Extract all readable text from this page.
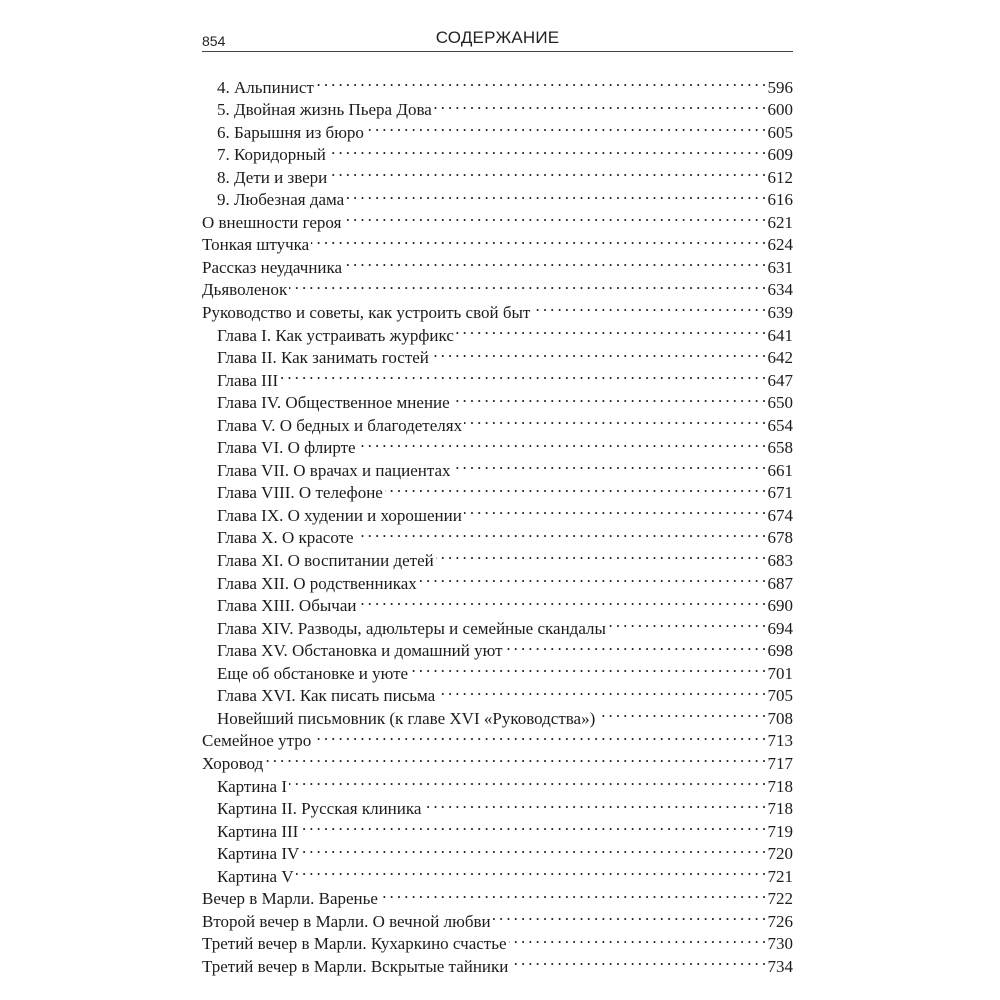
854	СОДЕРЖАНИЕ
4. Альпинист . . .	596
5. Двойная жизнь Пьера Дова . . .	600
6. Барышня из бюро . . .	605
7. Коридорный . . .	609
8. Дети и звери . . .	612
9. Любезная дама . . .	616
О внешности героя . . .	621
Тонкая штучка . . .	624
Рассказ неудачника . . .	631
Дьяволенок . . .	634
Руководство и советы, как устроить свой быт . . .	639
Глава I. Как устраивать журфикс . . .	641
Глава II. Как занимать гостей . . .	642
Глава III . . .	647
Глава IV. Общественное мнение . . .	650
Глава V. О бедных и благодетелях . . .	654
Глава VI. О флирте . . .	658
Глава VII. О врачах и пациентах . . .	661
Глава VIII. О телефоне . . .	671
Глава IX. О худении и хорошении . . .	674
Глава X. О красоте . . .	678
Глава XI. О воспитании детей . . .	683
Глава XII. О родственниках . . .	687
Глава XIII. Обычаи . . .	690
Глава XIV. Разводы, адюльтеры и семейные скандалы . . .	694
Глава XV. Обстановка и домашний уют . . .	698
Еще об обстановке и уюте . . .	701
Глава XVI. Как писать письма . . .	705
Новейший письмовник (к главе XVI «Руководства») . . .	708
Семейное утро . . .	713
Хоровод . . .	717
Картина I . . .	718
Картина II. Русская клиника . . .	718
Картина III . . .	719
Картина IV . . .	720
Картина V . . .	721
Вечер в Марли. Варенье . . .	722
Второй вечер в Марли. О вечной любви . . .	726
Третий вечер в Марли. Кухаркино счастье . . .	730
Третий вечер в Марли. Вскрытые тайники . . .	734
